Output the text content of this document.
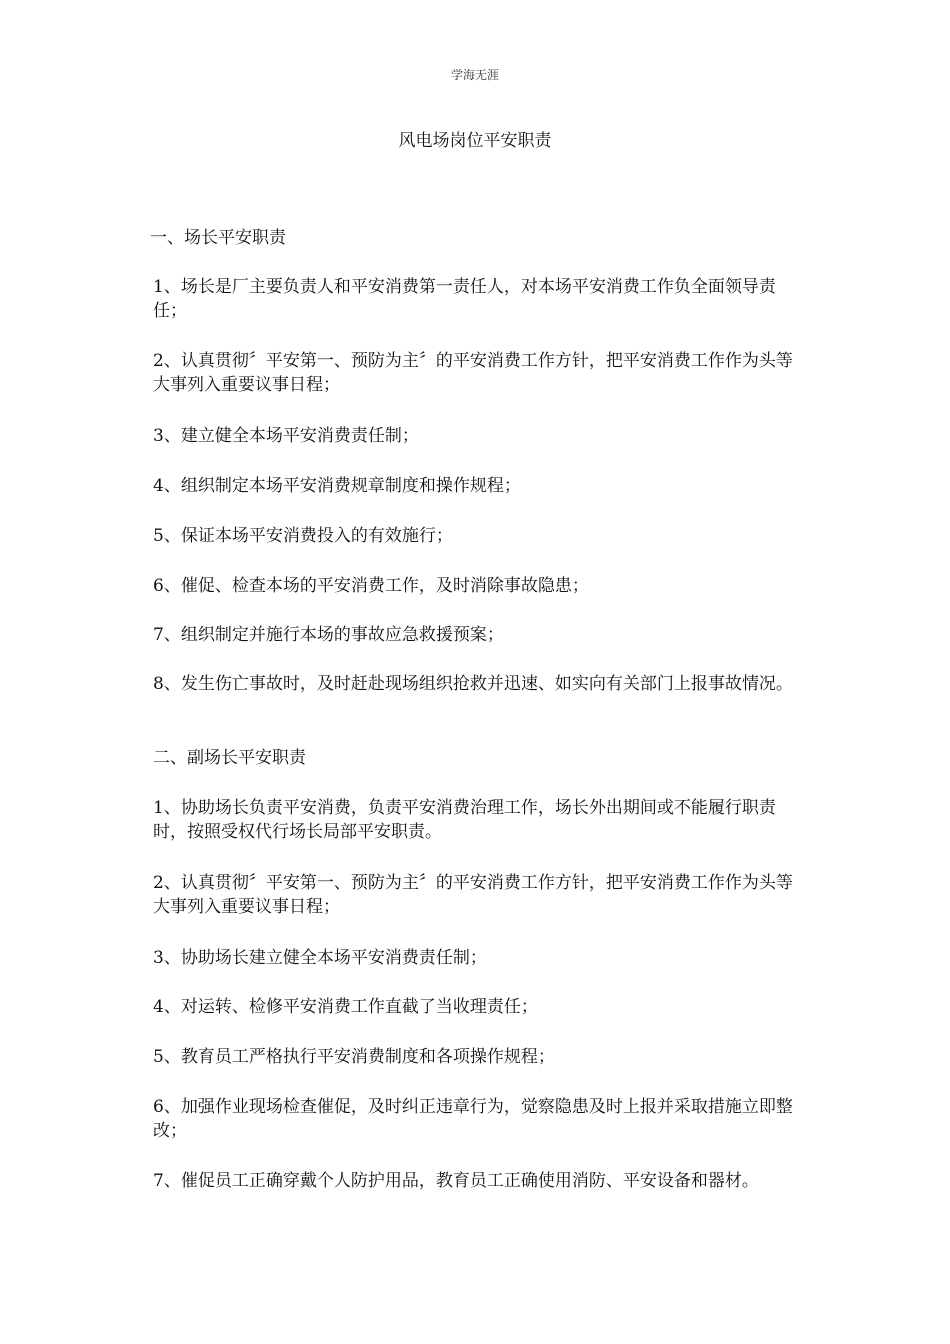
学海无涯
风电场岗位平安职责
一、场长平安职责
1、场长是厂主要负责人和平安消费第一责任人，对本场平安消费工作负全面领导责任；
2、认真贯彻〞平安第一、预防为主〞的平安消费工作方针，把平安消费工作作为头等大事列入重要议事日程；
3、建立健全本场平安消费责任制；
4、组织制定本场平安消费规章制度和操作规程；
5、保证本场平安消费投入的有效施行；
6、催促、检查本场的平安消费工作，及时消除事故隐患；
7、组织制定并施行本场的事故应急救援预案；
8、发生伤亡事故时，及时赶赴现场组织抢救并迅速、如实向有关部门上报事故情况。
二、副场长平安职责
1、协助场长负责平安消费，负责平安消费治理工作，场长外出期间或不能履行职责时，按照受权代行场长局部平安职责。
2、认真贯彻〞平安第一、预防为主〞的平安消费工作方针，把平安消费工作作为头等大事列入重要议事日程；
3、协助场长建立健全本场平安消费责任制；
4、对运转、检修平安消费工作直截了当收理责任；
5、教育员工严格执行平安消费制度和各项操作规程；
6、加强作业现场检查催促，及时纠正违章行为，觉察隐患及时上报并采取措施立即整改；
7、催促员工正确穿戴个人防护用品，教育员工正确使用消防、平安设备和器材。
